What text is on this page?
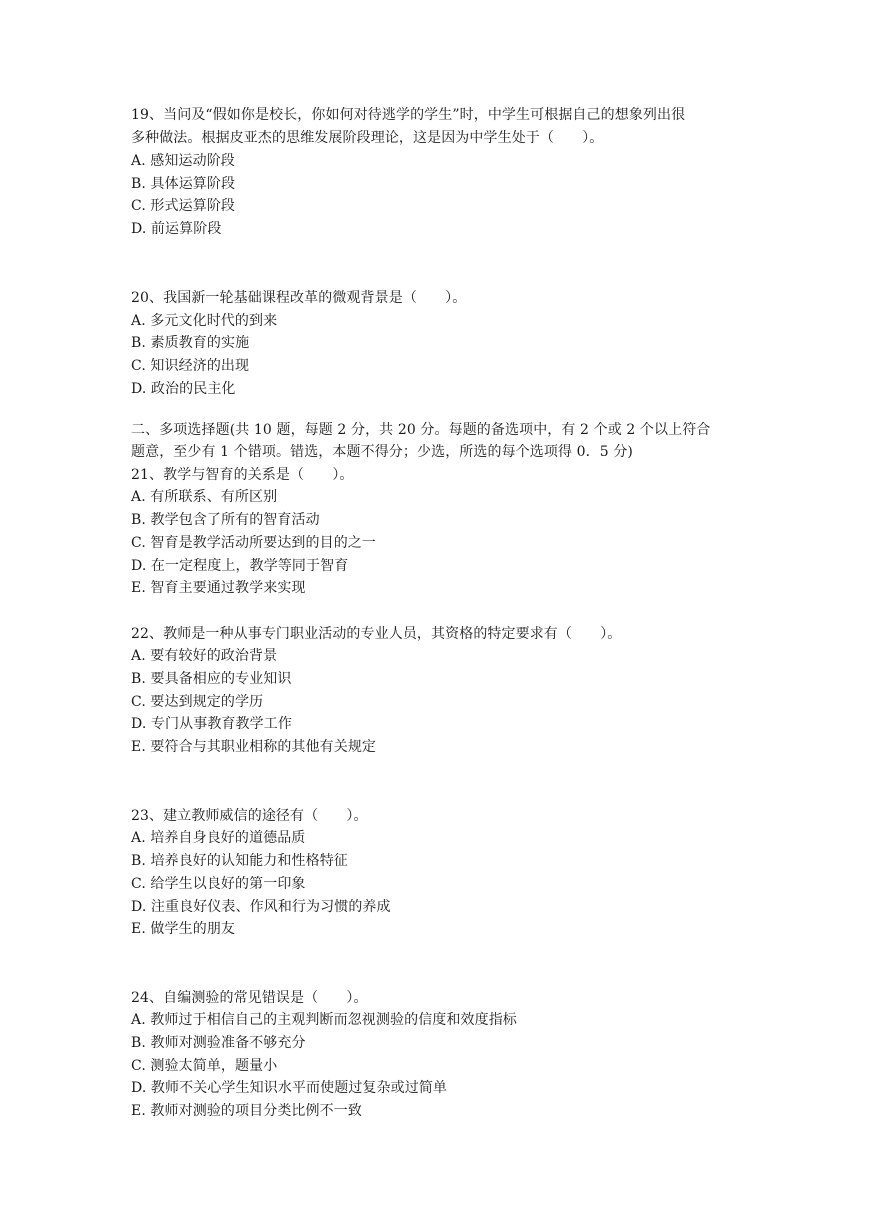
19、当问及“假如你是校长，你如何对待逃学的学生”时，中学生可根据自己的想象列出很
多种做法。根据皮亚杰的思维发展阶段理论，这是因为中学生处于（　　）。
A. 感知运动阶段
B. 具体运算阶段
C. 形式运算阶段
D. 前运算阶段
20、我国新一轮基础课程改革的微观背景是（　　）。
A. 多元文化时代的到来
B. 素质教育的实施
C. 知识经济的出现
D. 政治的民主化
二、多项选择题(共 10 题，每题 2 分，共 20 分。每题的备选项中，有 2 个或 2 个以上符合
题意，至少有 1 个错项。错选，本题不得分；少选，所选的每个选项得 0．5 分)
21、教学与智育的关系是（　　）。
A. 有所联系、有所区别
B. 教学包含了所有的智育活动
C. 智育是教学活动所要达到的目的之一
D. 在一定程度上，教学等同于智育
E. 智育主要通过教学来实现
22、教师是一种从事专门职业活动的专业人员，其资格的特定要求有（　　）。
A. 要有较好的政治背景
B. 要具备相应的专业知识
C. 要达到规定的学历
D. 专门从事教育教学工作
E. 要符合与其职业相称的其他有关规定
23、建立教师威信的途径有（　　）。
A. 培养自身良好的道德品质
B. 培养良好的认知能力和性格特征
C. 给学生以良好的第一印象
D. 注重良好仪表、作风和行为习惯的养成
E. 做学生的朋友
24、自编测验的常见错误是（　　）。
A. 教师过于相信自己的主观判断而忽视测验的信度和效度指标
B. 教师对测验准备不够充分
C. 测验太简单，题量小
D. 教师不关心学生知识水平而使题过复杂或过简单
E. 教师对测验的项目分类比例不一致
